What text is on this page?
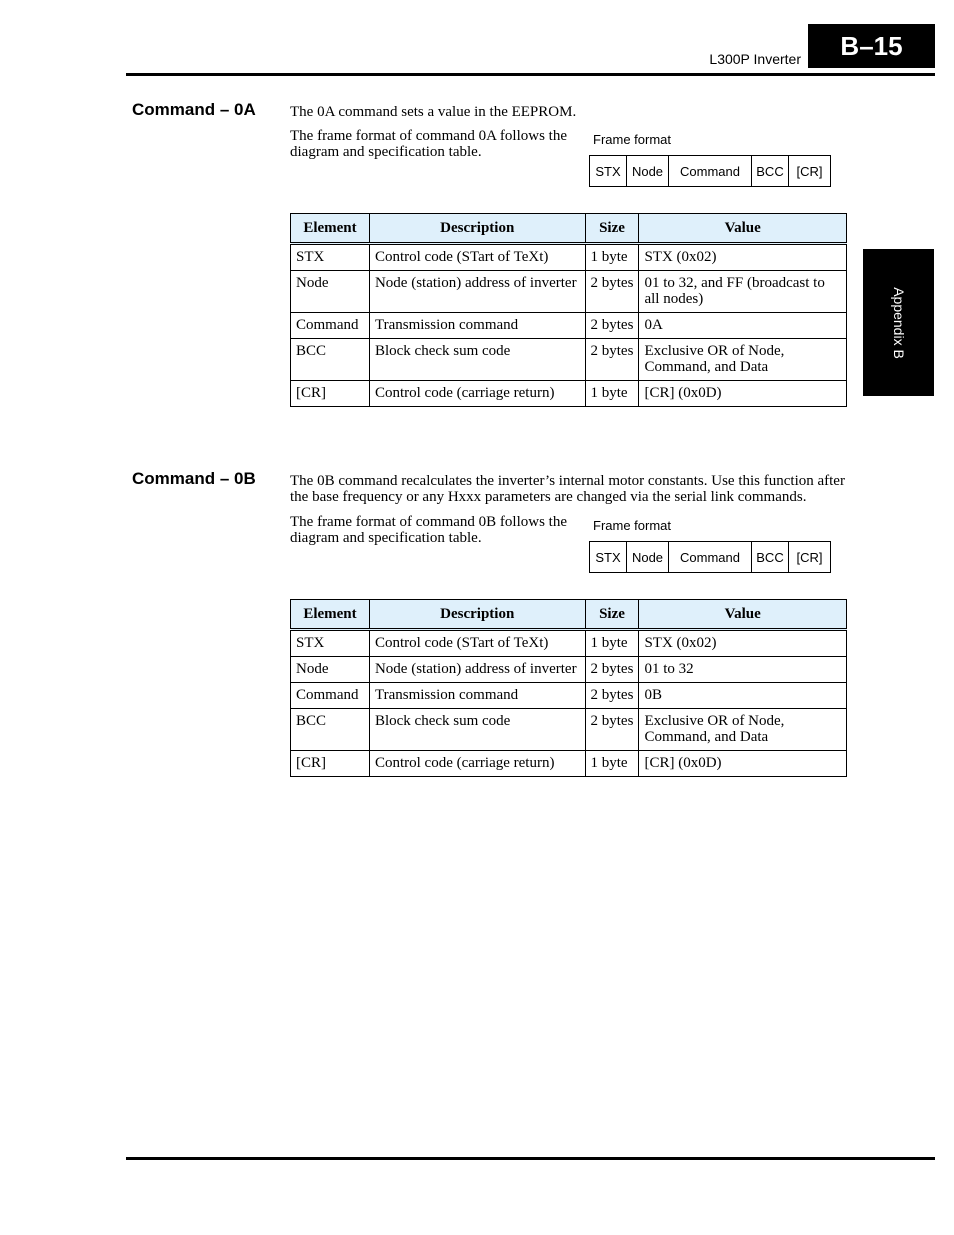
L300P Inverter	B–15
Appendix B
Command – 0A The 0A command sets a value in the EEPROM.
The frame format of command 0A follows the diagram and specification table.
Frame format
STX Node	Command	BCC [CR]
Element	Description	Size	Value
STX	Control code (STart of TeXt)	1 byte	STX (0x02)
Node	Node (station) address of inverter	2 bytes	01 to 32, and FF (broadcast to all nodes)
Command	Transmission command	2 bytes	0A
BCC	Block check sum code	2 bytes	Exclusive OR of Node, Command, and Data
[CR]	Control code (carriage return)	1 byte	[CR] (0x0D)
Command – 0B The 0B command recalculates the inverter’s internal motor constants. Use this function after the base frequency or any Hxxx parameters are changed via the serial link commands.
The frame format of command 0B follows the diagram and specification table.
Frame format
STX Node	Command	BCC [CR]
Element	Description	Size	Value
STX	Control code (STart of TeXt)	1 byte	STX (0x02)
Node	Node (station) address of inverter	2 bytes	01 to 32
Command	Transmission command	2 bytes	0B
BCC	Block check sum code	2 bytes	Exclusive OR of Node, Command, and Data
[CR]	Control code (carriage return)	1 byte	[CR] (0x0D)
